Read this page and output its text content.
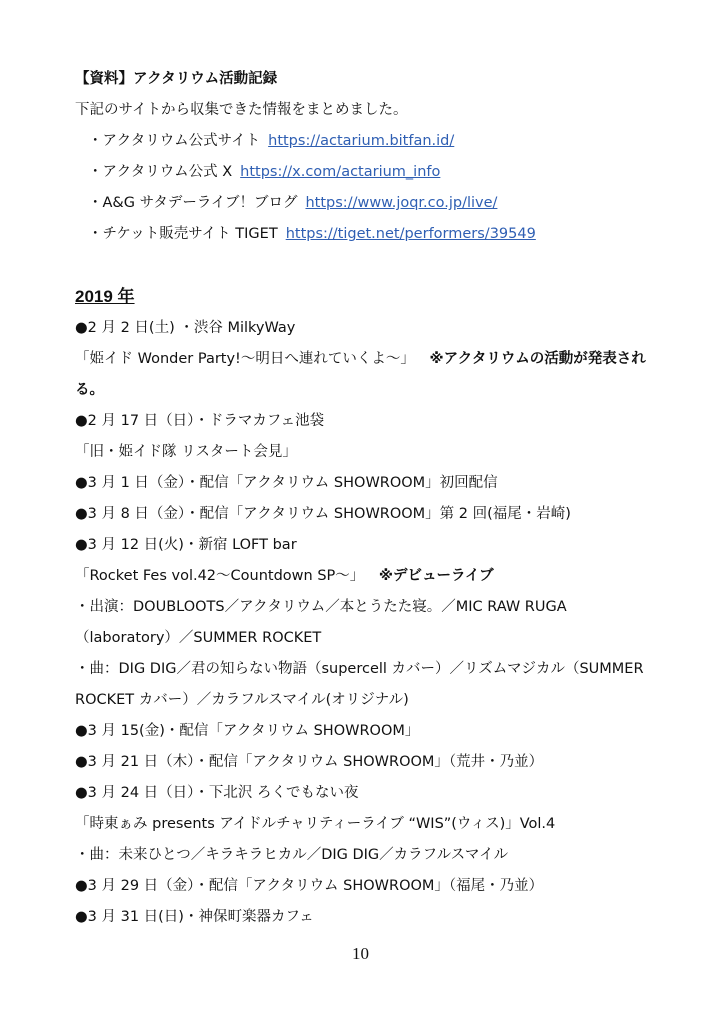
【資料】アクタリウム活動記録
下記のサイトから収集できた情報をまとめました。
・アクタリウム公式サイト https://actarium.bitfan.id/
・アクタリウム公式 X https://x.com/actarium_info
・A&G サタデーライブ！ブログ https://www.joqr.co.jp/live/
・チケット販売サイト TIGET https://tiget.net/performers/39549
2019 年
●2 月 2 日(土) ・渋谷 MilkyWay
「姫イド Wonder Party!～明日へ連れていくよ～」 ※アクタリウムの活動が発表され
る。
●2 月 17 日（日）・ドラマカフェ池袋
「旧・姫イド隊 リスタート会見」
●3 月 1 日（金）・配信「アクタリウム SHOWROOM」初回配信
●3 月 8 日（金）・配信「アクタリウム SHOWROOM」第 2 回(福尾・岩崎)
●3 月 12 日(火)・新宿 LOFT bar
「Rocket Fes vol.42～Countdown SP～」 ※デビューライブ
・出演：DOUBLOOTS／アクタリウム／本とうたた寝。／MIC RAW RUGA
（laboratory）／SUMMER ROCKET
・曲：DIG DIG／君の知らない物語（supercell カバー）／リズムマジカル（SUMMER
ROCKET カバー）／カラフルスマイル(オリジナル)
●3 月 15(金)・配信「アクタリウム SHOWROOM」
●3 月 21 日（木）・配信「アクタリウム SHOWROOM」（荒井・乃並）
●3 月 24 日（日）・下北沢 ろくでもない夜
「時東ぁみ presents アイドルチャリティーライブ “WIS”(ウィス)」Vol.4
・曲：未来ひとつ／キラキラヒカル／DIG DIG／カラフルスマイル
●3 月 29 日（金）・配信「アクタリウム SHOWROOM」（福尾・乃並）
●3 月 31 日(日)・神保町楽器カフェ
10
